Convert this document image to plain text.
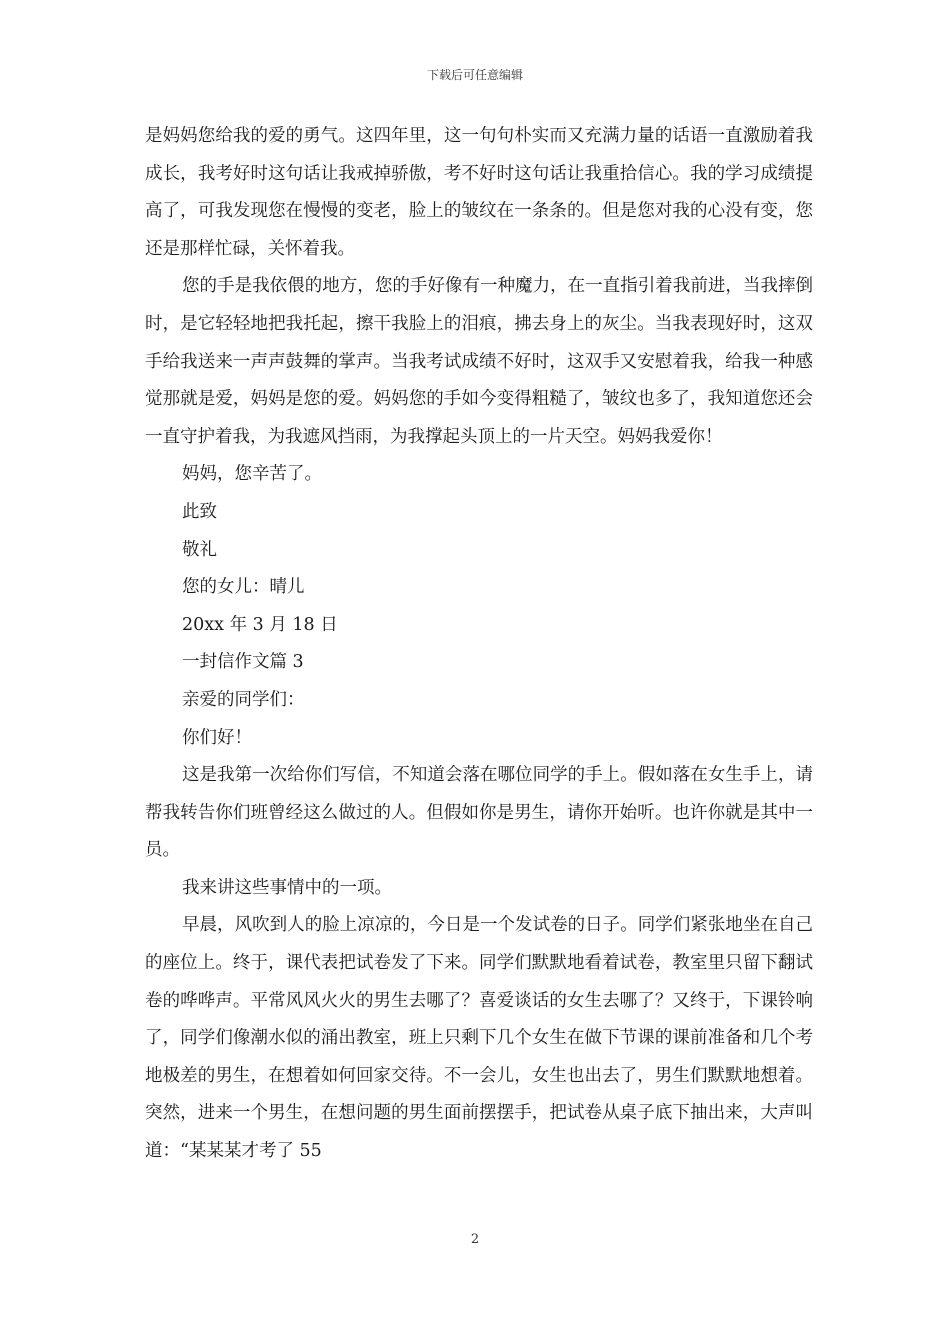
下载后可任意编辑

是妈妈您给我的爱的勇气。这四年里，这一句句朴实而又充满力量的话语一直激励着我成长，我考好时这句话让我戒掉骄傲，考不好时这句话让我重拾信心。我的学习成绩提高了，可我发现您在慢慢的变老，脸上的皱纹在一条条的。但是您对我的心没有变，您还是那样忙碌，关怀着我。

您的手是我依偎的地方，您的手好像有一种魔力，在一直指引着我前进，当我摔倒时，是它轻轻地把我托起，擦干我脸上的泪痕，拂去身上的灰尘。当我表现好时，这双手给我送来一声声鼓舞的掌声。当我考试成绩不好时，这双手又安慰着我，给我一种感觉那就是爱，妈妈是您的爱。妈妈您的手如今变得粗糙了，皱纹也多了，我知道您还会一直守护着我，为我遮风挡雨，为我撑起头顶上的一片天空。妈妈我爱你！

妈妈，您辛苦了。

此致

敬礼

您的女儿：晴儿

20xx 年 3 月 18 日

一封信作文篇 3

亲爱的同学们：

你们好！

这是我第一次给你们写信，不知道会落在哪位同学的手上。假如落在女生手上，请帮我转告你们班曾经这么做过的人。但假如你是男生，请你开始听。也许你就是其中一员。

我来讲这些事情中的一项。

早晨，风吹到人的脸上凉凉的，今日是一个发试卷的日子。同学们紧张地坐在自己的座位上。终于，课代表把试卷发了下来。同学们默默地看着试卷，教室里只留下翻试卷的哗哗声。平常风风火火的男生去哪了？喜爱谈话的女生去哪了？又终于，下课铃响了，同学们像潮水似的涌出教室，班上只剩下几个女生在做下节课的课前准备和几个考地极差的男生，在想着如何回家交待。不一会儿，女生也出去了，男生们默默地想着。突然，进来一个男生，在想问题的男生面前摆摆手，把试卷从桌子底下抽出来，大声叫道：“某某某才考了 55

2
